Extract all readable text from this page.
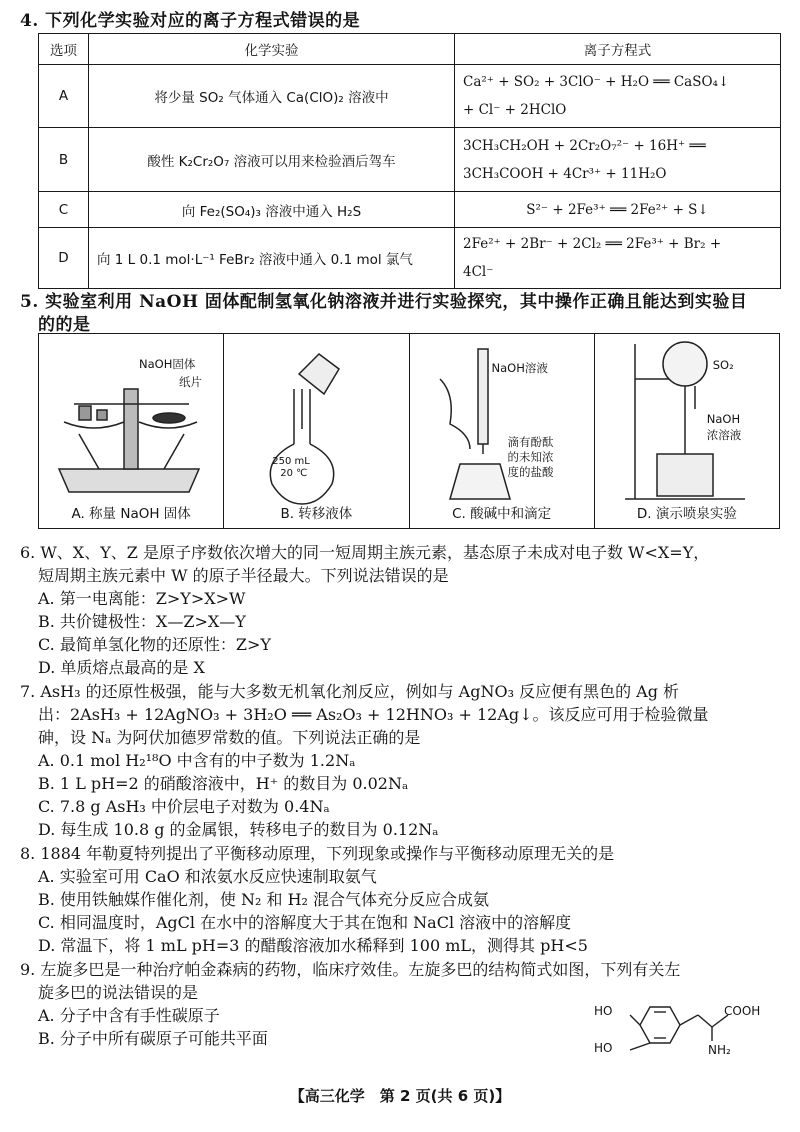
4. 下列化学实验对应的离子方程式错误的是
选项	化学实验	离子方程式
A	将少量 SO₂ 气体通入 Ca(ClO)₂ 溶液中	Ca²⁺ + SO₂ + 3ClO⁻ + H₂O ══ CaSO₄↓
+ Cl⁻ + 2HClO

B	酸性 K₂Cr₂O₇ 溶液可以用来检验酒后驾车	3CH₃CH₂OH + 2Cr₂O₇²⁻ + 16H⁺ ══
3CH₃COOH + 4Cr³⁺ + 11H₂O

C	向 Fe₂(SO₄)₃ 溶液中通入 H₂S	S²⁻ + 2Fe³⁺ ══ 2Fe²⁺ + S↓

D	向 1 L 0.1 mol·L⁻¹ FeBr₂ 溶液中通入 0.1 mol 氯气	2Fe²⁺ + 2Br⁻ + 2Cl₂ ══ 2Fe³⁺ + Br₂ +
4Cl⁻
5. 实验室利用 NaOH 固体配制氢氧化钠溶液并进行实验探究，其中操作正确且能达到实验目
的的是
NaOH固体
纸片
A. 称量 NaOH 固体
250 mL
20 ℃
B. 转移液体
NaOH溶液
滴有酚酞
的未知浓
度的盐酸
C. 酸碱中和滴定
SO₂
NaOH
浓溶液
D. 演示喷泉实验
6. W、X、Y、Z 是原子序数依次增大的同一短周期主族元素，基态原子未成对电子数 W<X=Y，
短周期主族元素中 W 的原子半径最大。下列说法错误的是
A. 第一电离能：Z>Y>X>W
B. 共价键极性：X—Z>X—Y
C. 最简单氢化物的还原性：Z>Y
D. 单质熔点最高的是 X
7. AsH₃ 的还原性极强，能与大多数无机氧化剂反应，例如与 AgNO₃ 反应便有黑色的 Ag 析
出：2AsH₃ + 12AgNO₃ + 3H₂O ══ As₂O₃ + 12HNO₃ + 12Ag↓。该反应可用于检验微量
砷，设 Nₐ 为阿伏加德罗常数的值。下列说法正确的是
A. 0.1 mol H₂¹⁸O 中含有的中子数为 1.2Nₐ
B. 1 L pH=2 的硝酸溶液中，H⁺ 的数目为 0.02Nₐ
C. 7.8 g AsH₃ 中价层电子对数为 0.4Nₐ
D. 每生成 10.8 g 的金属银，转移电子的数目为 0.12Nₐ
8. 1884 年勒夏特列提出了平衡移动原理，下列现象或操作与平衡移动原理无关的是
A. 实验室可用 CaO 和浓氨水反应快速制取氨气
B. 使用铁触媒作催化剂，使 N₂ 和 H₂ 混合气体充分反应合成氨
C. 相同温度时，AgCl 在水中的溶解度大于其在饱和 NaCl 溶液中的溶解度
D. 常温下，将 1 mL pH=3 的醋酸溶液加水稀释到 100 mL，测得其 pH<5
9. 左旋多巴是一种治疗帕金森病的药物，临床疗效佳。左旋多巴的结构简式如图，下列有关左
旋多巴的说法错误的是
A. 分子中含有手性碳原子
B. 分子中所有碳原子可能共平面
HO
HO
COOH
NH₂
【高三化学　第 2 页(共 6 页)】
